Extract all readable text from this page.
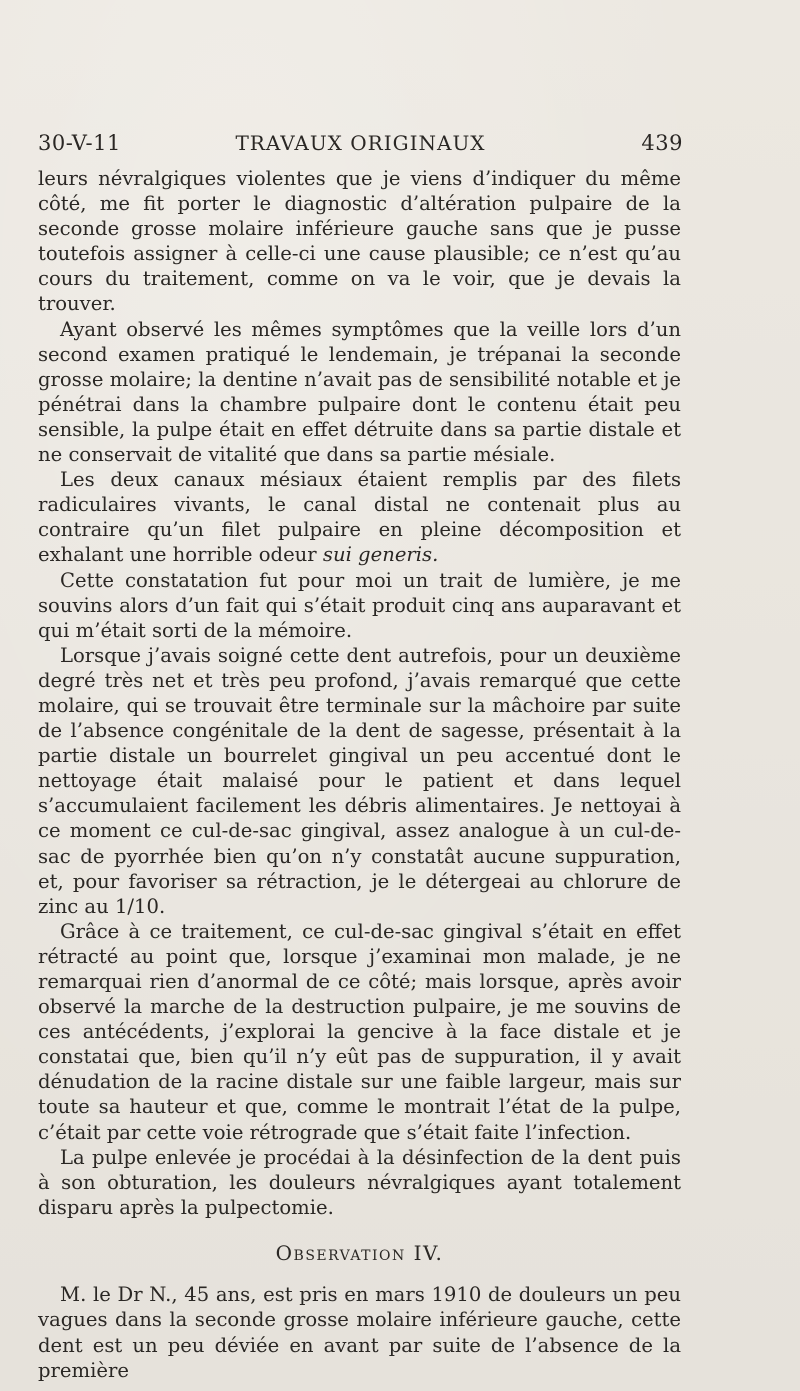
30-V-11	TRAVAUX ORIGINAUX	439

leurs névralgiques violentes que je viens d’indiquer du même côté, me fit porter le diagnostic d’altération pulpaire de la seconde grosse molaire inférieure gauche sans que je pusse toutefois assigner à celle-ci une cause plausible; ce n’est qu’au cours du traitement, comme on va le voir, que je devais la trouver.

Ayant observé les mêmes symptômes que la veille lors d’un second examen pratiqué le lendemain, je trépanai la seconde grosse molaire; la dentine n’avait pas de sensibilité notable et je pénétrai dans la chambre pulpaire dont le contenu était peu sensible, la pulpe était en effet détruite dans sa partie distale et ne conservait de vitalité que dans sa partie mésiale.

Les deux canaux mésiaux étaient remplis par des filets radiculaires vivants, le canal distal ne contenait plus au contraire qu’un filet pulpaire en pleine décomposition et exhalant une horrible odeur sui generis.

Cette constatation fut pour moi un trait de lumière, je me souvins alors d’un fait qui s’était produit cinq ans auparavant et qui m’était sorti de la mémoire.

Lorsque j’avais soigné cette dent autrefois, pour un deuxième degré très net et très peu profond, j’avais remarqué que cette molaire, qui se trouvait être terminale sur la mâchoire par suite de l’absence congénitale de la dent de sagesse, présentait à la partie distale un bourrelet gingival un peu accentué dont le nettoyage était malaisé pour le patient et dans lequel s’accumulaient facilement les débris alimentaires. Je nettoyai à ce moment ce cul-de-sac gingival, assez analogue à un cul-de-sac de pyorrhée bien qu’on n’y constatât aucune suppuration, et, pour favoriser sa rétraction, je le détergeai au chlorure de zinc au 1/10.

Grâce à ce traitement, ce cul-de-sac gingival s’était en effet rétracté au point que, lorsque j’examinai mon malade, je ne remarquai rien d’anormal de ce côté; mais lorsque, après avoir observé la marche de la destruction pulpaire, je me souvins de ces antécédents, j’explorai la gencive à la face distale et je constatai que, bien qu’il n’y eût pas de suppuration, il y avait dénudation de la racine distale sur une faible largeur, mais sur toute sa hauteur et que, comme le montrait l’état de la pulpe, c’était par cette voie rétrograde que s’était faite l’infection.

La pulpe enlevée je procédai à la désinfection de la dent puis à son obturation, les douleurs névralgiques ayant totalement disparu après la pulpectomie.

Observation IV.

M. le Dr N., 45 ans, est pris en mars 1910 de douleurs un peu vagues dans la seconde grosse molaire inférieure gauche, cette dent est un peu déviée en avant par suite de l’absence de la première
